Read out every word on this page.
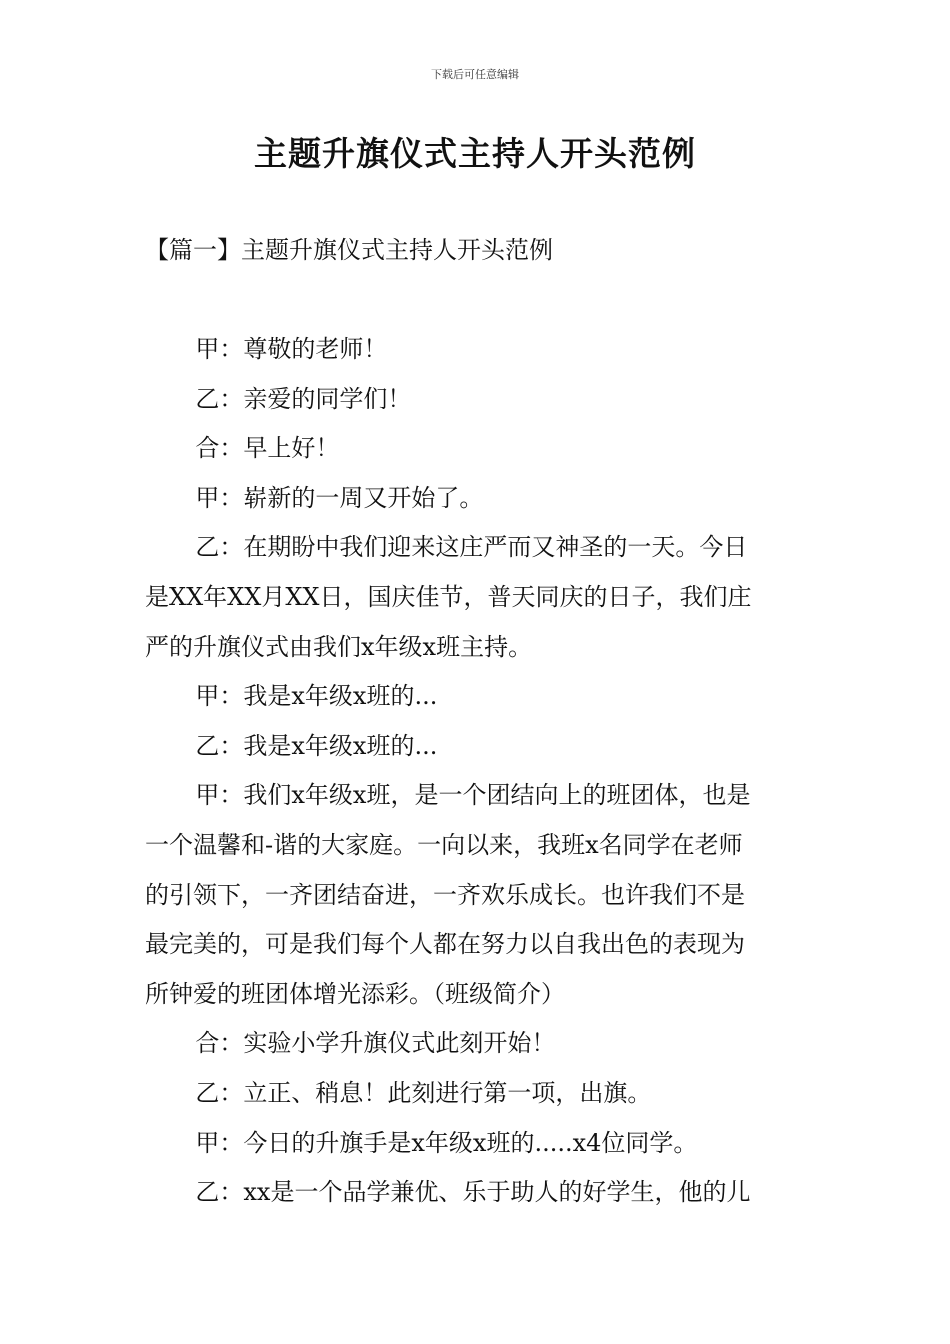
下载后可任意编辑
主题升旗仪式主持人开头范例
【篇一】主题升旗仪式主持人开头范例

甲：尊敬的老师！

乙：亲爱的同学们！

合：早上好！

甲：崭新的一周又开始了。

乙：在期盼中我们迎来这庄严而又神圣的一天。今日

是XX年XX月XX日，国庆佳节，普天同庆的日子，我们庄

严的升旗仪式由我们x年级x班主持。

甲：我是x年级x班的...

乙：我是x年级x班的...

甲：我们x年级x班，是一个团结向上的班团体，也是

一个温馨和-谐的大家庭。一向以来，我班x名同学在老师

的引领下，一齐团结奋进，一齐欢乐成长。也许我们不是

最完美的，可是我们每个人都在努力以自我出色的表现为

所钟爱的班团体增光添彩。（班级简介）

合：实验小学升旗仪式此刻开始！

乙：立正、稍息！此刻进行第一项，出旗。

甲：今日的升旗手是x年级x班的.....x4位同学。

乙：xx是一个品学兼优、乐于助人的好学生，他的儿
